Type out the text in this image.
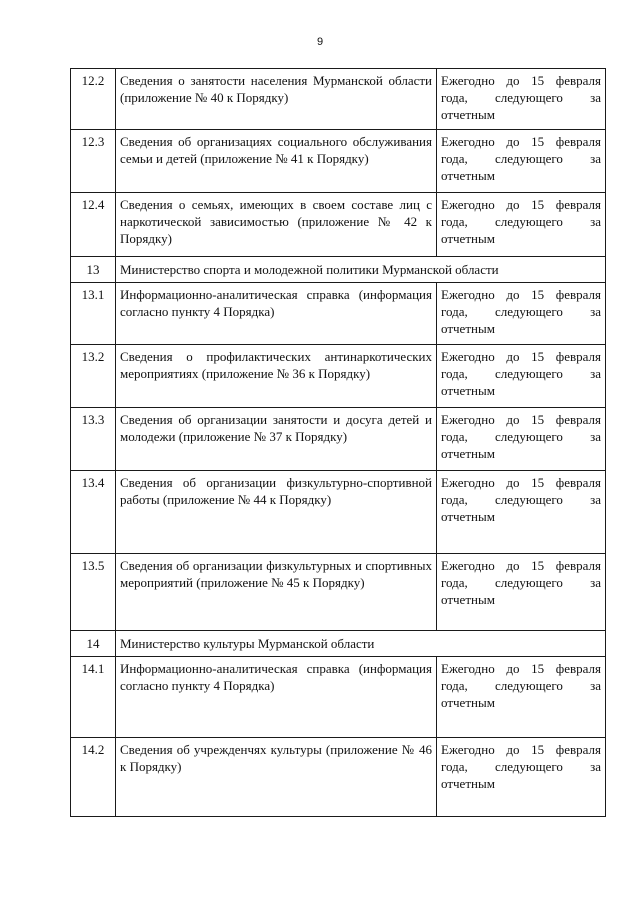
9
12.2	Сведения о занятости населения Мурманской области (приложение № 40 к Порядку)	Ежегодно до 15 февраля года, следующего за отчетным
12.3	Сведения об организациях социального обслуживания семьи и детей (приложение № 41 к Порядку)	Ежегодно до 15 февраля года, следующего за отчетным
12.4	Сведения о семьях, имеющих в своем составе лиц с наркотической зависимостью (приложение № 42 к Порядку)	Ежегодно до 15 февраля года, следующего за отчетным
13	Министерство спорта и молодежной политики Мурманской области	
13.1	Информационно-аналитическая справка (информация согласно пункту 4 Порядка)	Ежегодно до 15 февраля года, следующего за отчетным
13.2	Сведения о профилактических антинаркотических мероприятиях (приложение № 36 к Порядку)	Ежегодно до 15 февраля года, следующего за отчетным
13.3	Сведения об организации занятости и досуга детей и молодежи (приложение № 37 к Порядку)	Ежегодно до 15 февраля года, следующего за отчетным
13.4	Сведения об организации физкультурно-спортивной работы (приложение № 44 к Порядку)	Ежегодно до 15 февраля года, следующего за отчетным
13.5	Сведения об организации физкультурных и спортивных мероприятий (приложение № 45 к Порядку)	Ежегодно до 15 февраля года, следующего за отчетным
14	Министерство культуры Мурманской области	
14.1	Информационно-аналитическая справка (информация согласно пункту 4 Порядка)	Ежегодно до 15 февраля года, следующего за отчетным
14.2	Сведения об учрежденчях культуры (приложение № 46 к Порядку)	Ежегодно до 15 февраля года, следующего за отчетным
